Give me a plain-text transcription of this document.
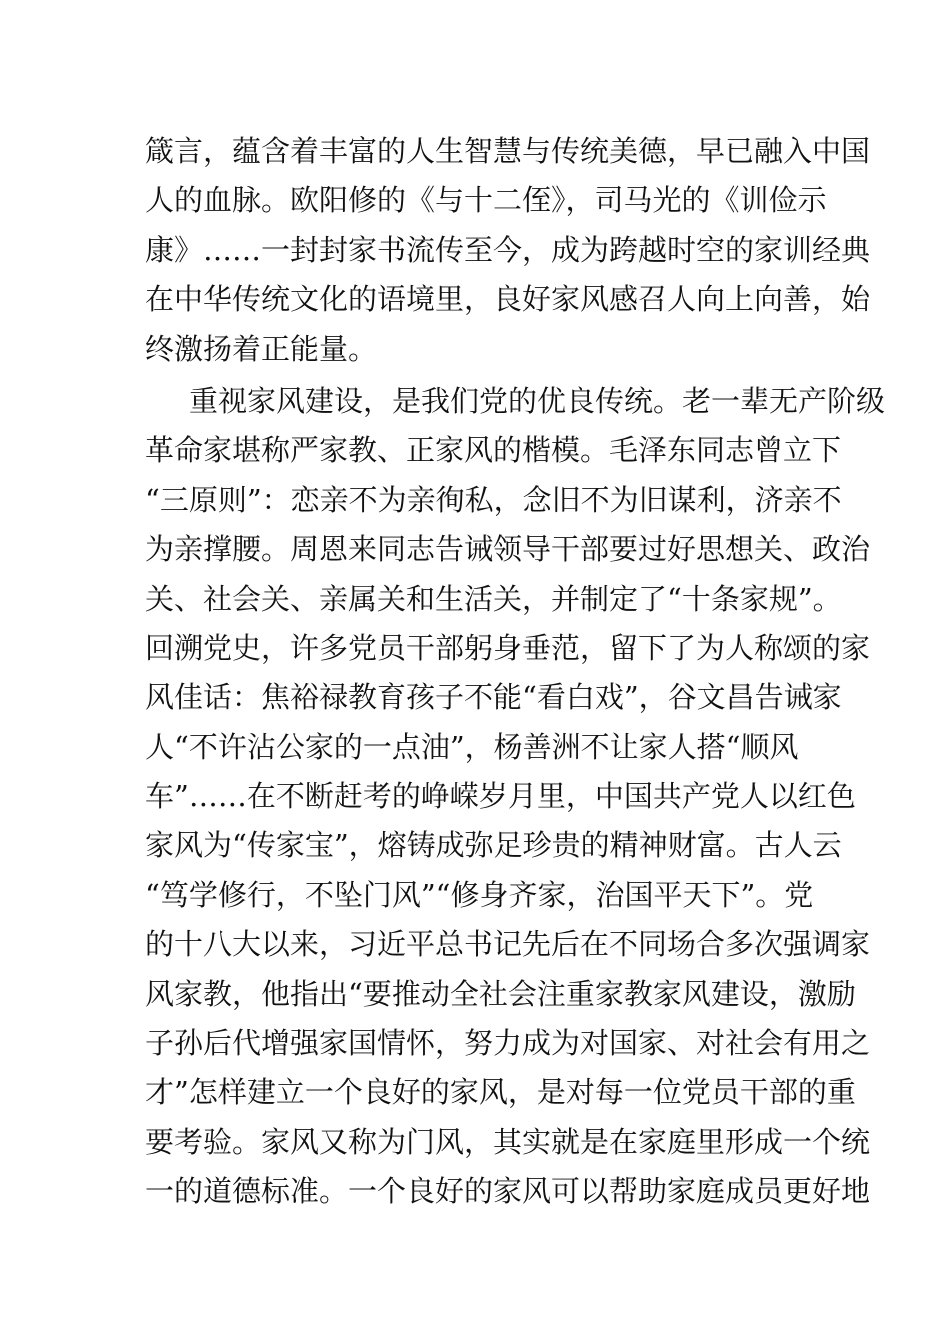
箴言，蕴含着丰富的人生智慧与传统美德，早已融入中国
人的血脉。欧阳修的《与十二侄》，司马光的《训俭示
康》……一封封家书流传至今，成为跨越时空的家训经典
在中华传统文化的语境里，良好家风感召人向上向善，始
终激扬着正能量。
重视家风建设，是我们党的优良传统。老一辈无产阶级
革命家堪称严家教、正家风的楷模。毛泽东同志曾立下
“三原则”：恋亲不为亲徇私，念旧不为旧谋利，济亲不
为亲撑腰。周恩来同志告诫领导干部要过好思想关、政治
关、社会关、亲属关和生活关，并制定了“十条家规”。
回溯党史，许多党员干部躬身垂范，留下了为人称颂的家
风佳话：焦裕禄教育孩子不能“看白戏”，谷文昌告诫家
人“不许沾公家的一点油”，杨善洲不让家人搭“顺风
车”……在不断赶考的峥嵘岁月里，中国共产党人以红色
家风为“传家宝”，熔铸成弥足珍贵的精神财富。古人云
“笃学修行，不坠门风”“修身齐家，治国平天下”。党
的十八大以来，习近平总书记先后在不同场合多次强调家
风家教，他指出“要推动全社会注重家教家风建设，激励
子孙后代增强家国情怀，努力成为对国家、对社会有用之
才”怎样建立一个良好的家风，是对每一位党员干部的重
要考验。家风又称为门风，其实就是在家庭里形成一个统
一的道德标准。一个良好的家风可以帮助家庭成员更好地
